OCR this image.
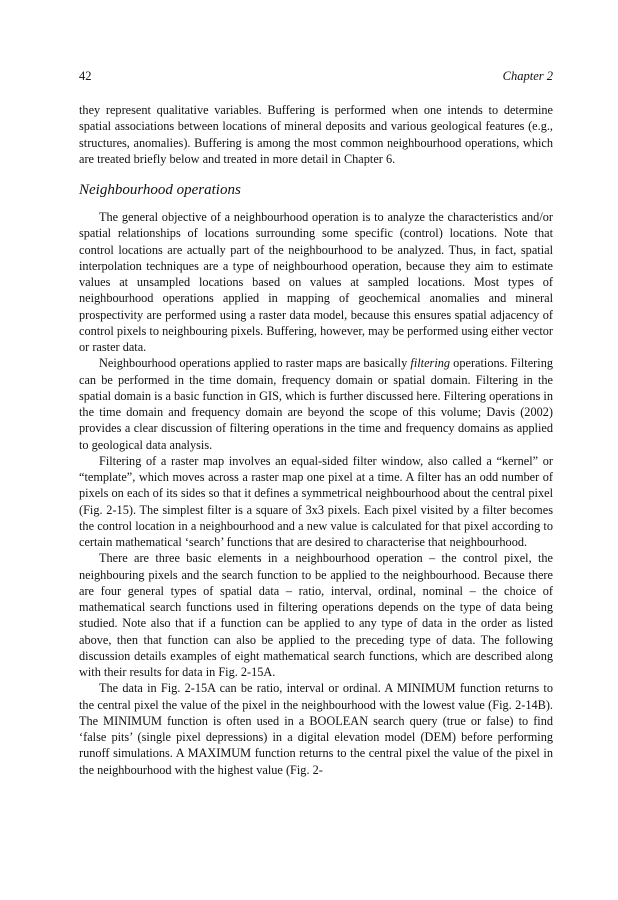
42	Chapter 2

they represent qualitative variables. Buffering is performed when one intends to determine spatial associations between locations of mineral deposits and various geological features (e.g., structures, anomalies). Buffering is among the most common neighbourhood operations, which are treated briefly below and treated in more detail in Chapter 6.

Neighbourhood operations

The general objective of a neighbourhood operation is to analyze the characteristics and/or spatial relationships of locations surrounding some specific (control) locations. Note that control locations are actually part of the neighbourhood to be analyzed. Thus, in fact, spatial interpolation techniques are a type of neighbourhood operation, because they aim to estimate values at unsampled locations based on values at sampled locations. Most types of neighbourhood operations applied in mapping of geochemical anomalies and mineral prospectivity are performed using a raster data model, because this ensures spatial adjacency of control pixels to neighbouring pixels. Buffering, however, may be performed using either vector or raster data.

Neighbourhood operations applied to raster maps are basically filtering operations. Filtering can be performed in the time domain, frequency domain or spatial domain. Filtering in the spatial domain is a basic function in GIS, which is further discussed here. Filtering operations in the time domain and frequency domain are beyond the scope of this volume; Davis (2002) provides a clear discussion of filtering operations in the time and frequency domains as applied to geological data analysis.

Filtering of a raster map involves an equal-sided filter window, also called a “kernel” or “template”, which moves across a raster map one pixel at a time. A filter has an odd number of pixels on each of its sides so that it defines a symmetrical neighbourhood about the central pixel (Fig. 2-15). The simplest filter is a square of 3x3 pixels. Each pixel visited by a filter becomes the control location in a neighbourhood and a new value is calculated for that pixel according to certain mathematical ‘search’ functions that are desired to characterise that neighbourhood.

There are three basic elements in a neighbourhood operation – the control pixel, the neighbouring pixels and the search function to be applied to the neighbourhood. Because there are four general types of spatial data – ratio, interval, ordinal, nominal – the choice of mathematical search functions used in filtering operations depends on the type of data being studied. Note also that if a function can be applied to any type of data in the order as listed above, then that function can also be applied to the preceding type of data. The following discussion details examples of eight mathematical search functions, which are described along with their results for data in Fig. 2-15A.

The data in Fig. 2-15A can be ratio, interval or ordinal. A MINIMUM function returns to the central pixel the value of the pixel in the neighbourhood with the lowest value (Fig. 2-14B). The MINIMUM function is often used in a BOOLEAN search query (true or false) to find ‘false pits’ (single pixel depressions) in a digital elevation model (DEM) before performing runoff simulations. A MAXIMUM function returns to the central pixel the value of the pixel in the neighbourhood with the highest value (Fig. 2-
